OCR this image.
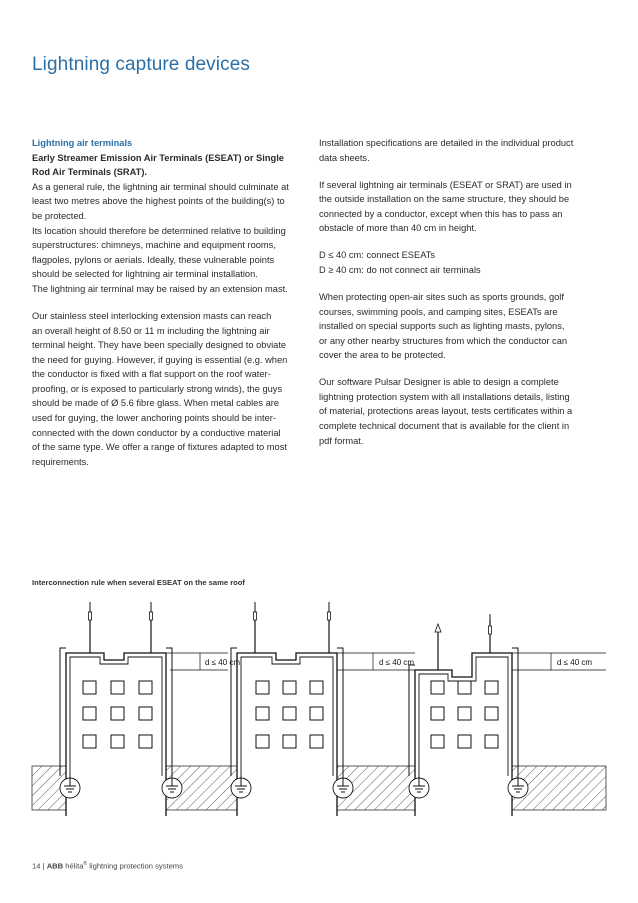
Lightning capture devices

Lightning air terminals

Early Streamer Emission Air Terminals (ESEAT) or Single

Rod Air Terminals (SRAT).

As a general rule, the lightning air terminal should culminate at

least two metres above the highest points of the building(s) to

be protected.

Its location should therefore be determined relative to building

superstructures: chimneys, machine and equipment rooms,

flagpoles, pylons or aerials. Ideally, these vulnerable points

should be selected for lightning air terminal installation.

The lightning air terminal may be raised by an extension mast.

Our stainless steel interlocking extension masts can reach

an overall height of 8.50 or 11 m including the lightning air

terminal height. They have been specially designed to obviate

the need for guying. However, if guying is essential (e.g. when

the conductor is fixed with a flat support on the roof water-

proofing, or is exposed to particularly strong winds), the guys

should be made of Ø 5.6 fibre glass. When metal cables are

used for guying, the lower anchoring points should be inter-

connected with the down conductor by a conductive material

of the same type. We offer a range of fixtures adapted to most

requirements.

Installation specifications are detailed in the individual product

data sheets.

If several lightning air terminals (ESEAT or SRAT) are used in

the outside installation on the same structure, they should be

connected by a conductor, except when this has to pass an

obstacle of more than 40 cm in height.

D ≤ 40 cm: connect ESEATs

D ≥ 40 cm: do not connect air terminals

When protecting open-air sites such as sports grounds, golf

courses, swimming pools, and camping sites, ESEATs are

installed on special supports such as lighting masts, pylons,

or any other nearby structures from which the conductor can

cover the area to be protected.

Our software Pulsar Designer is able to design a complete

lightning protection system with all installations details, listing

of material, protections areas layout, tests certificates within a

complete technical document that is available for the client in

pdf format.

Interconnection rule when several ESEAT on the same roof
d ≤ 40 cm	d ≤ 40 cm	d ≤ 40 cm
14 | ABB hélita® lightning protection systems
